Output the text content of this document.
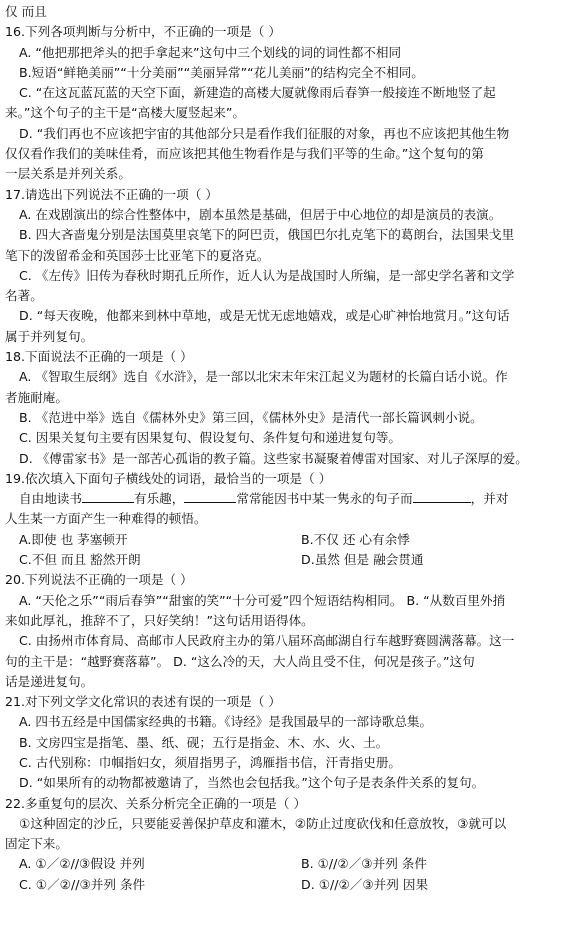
仅 而且
16.下列各项判断与分析中，不正确的一项是（ ）
A. “他把那把斧头的把手拿起来”这句中三个划线的词的词性都不相同
B.短语“鲜艳美丽”“十分美丽”“美丽异常”“花儿美丽”的结构完全不相同。
C. “在这瓦蓝瓦蓝的天空下面，新建造的高楼大厦就像雨后春笋一般接连不断地竖了起
来。”这个句子的主干是“高楼大厦竖起来”。
D. “我们再也不应该把宇宙的其他部分只是看作我们征服的对象，再也不应该把其他生物
仅仅看作我们的美味佳肴，而应该把其他生物看作是与我们平等的生命。”这个复句的第
一层关系是并列关系。
17.请选出下列说法不正确的一项（ ）
A. 在戏剧演出的综合性整体中，剧本虽然是基础，但居于中心地位的却是演员的表演。
B. 四大吝啬鬼分别是法国莫里哀笔下的阿巴贡，俄国巴尔扎克笔下的葛朗台，法国果戈里
笔下的泼留希金和英国莎士比亚笔下的夏洛克。
C. 《左传》旧传为春秋时期孔丘所作，近人认为是战国时人所编，是一部史学名著和文学
名著。
D. “每天夜晚，他都来到林中草地，或是无忧无虑地嬉戏，或是心旷神怡地赏月。”这句话
属于并列复句。
18.下面说法不正确的一项是（ ）
A. 《智取生辰纲》选自《水浒》，是一部以北宋末年宋江起义为题材的长篇白话小说。作
者施耐庵。
B. 《范进中举》选自《儒林外史》第三回，《儒林外史》是清代一部长篇讽刺小说。
C. 因果关复句主要有因果复句、假设复句、条件复句和递进复句等。
D. 《傅雷家书》是一部苦心孤诣的教子篇。这些家书凝聚着傅雷对国家、对儿子深厚的爱。
19.依次填入下面句子横线处的词语，最恰当的一项是（ ）
自由地读书	有乐趣，	常常能因书中某一隽永的句子而	，并对
人生某一方面产生一种难得的顿悟。
A.即使 也 茅塞顿开	B.不仅 还 心有余悸
C.不但 而且 豁然开朗	D.虽然 但是 融会贯通
20.下列说法不正确的一项是（ ）
A. “天伦之乐”“雨后春笋”“甜蜜的笑”“十分可爱”四个短语结构相同。 B. “从数百里外捎
来如此厚礼，推辞不了，只好笑纳！”这句话用语得体。
C. 由扬州市体育局、高邮市人民政府主办的第八届环高邮湖自行车越野赛圆满落幕。这一
句的主干是：“越野赛落幕”。 D. “这么冷的天，大人尚且受不住，何况是孩子。”这句
话是递进复句。
21.对下列文学文化常识的表述有误的一项是（ ）
A. 四书五经是中国儒家经典的书籍。《诗经》是我国最早的一部诗歌总集。
B. 文房四宝是指笔、墨、纸、砚；五行是指金、木、水、火、土。
C. 古代别称：巾帼指妇女，须眉指男子，鸿雁指书信，汗青指史册。
D. “如果所有的动物都被邀请了，当然也会包括我。”这个句子是表条件关系的复句。
22.多重复句的层次、关系分析完全正确的一项是（ ）
①这种固定的沙丘，只要能妥善保护草皮和灌木，②防止过度砍伐和任意放牧，③就可以
固定下来。
A. ①／②//③假设 并列	B. ①//②／③并列 条件
C. ①／②//③并列 条件	D. ①//②／③并列 因果
